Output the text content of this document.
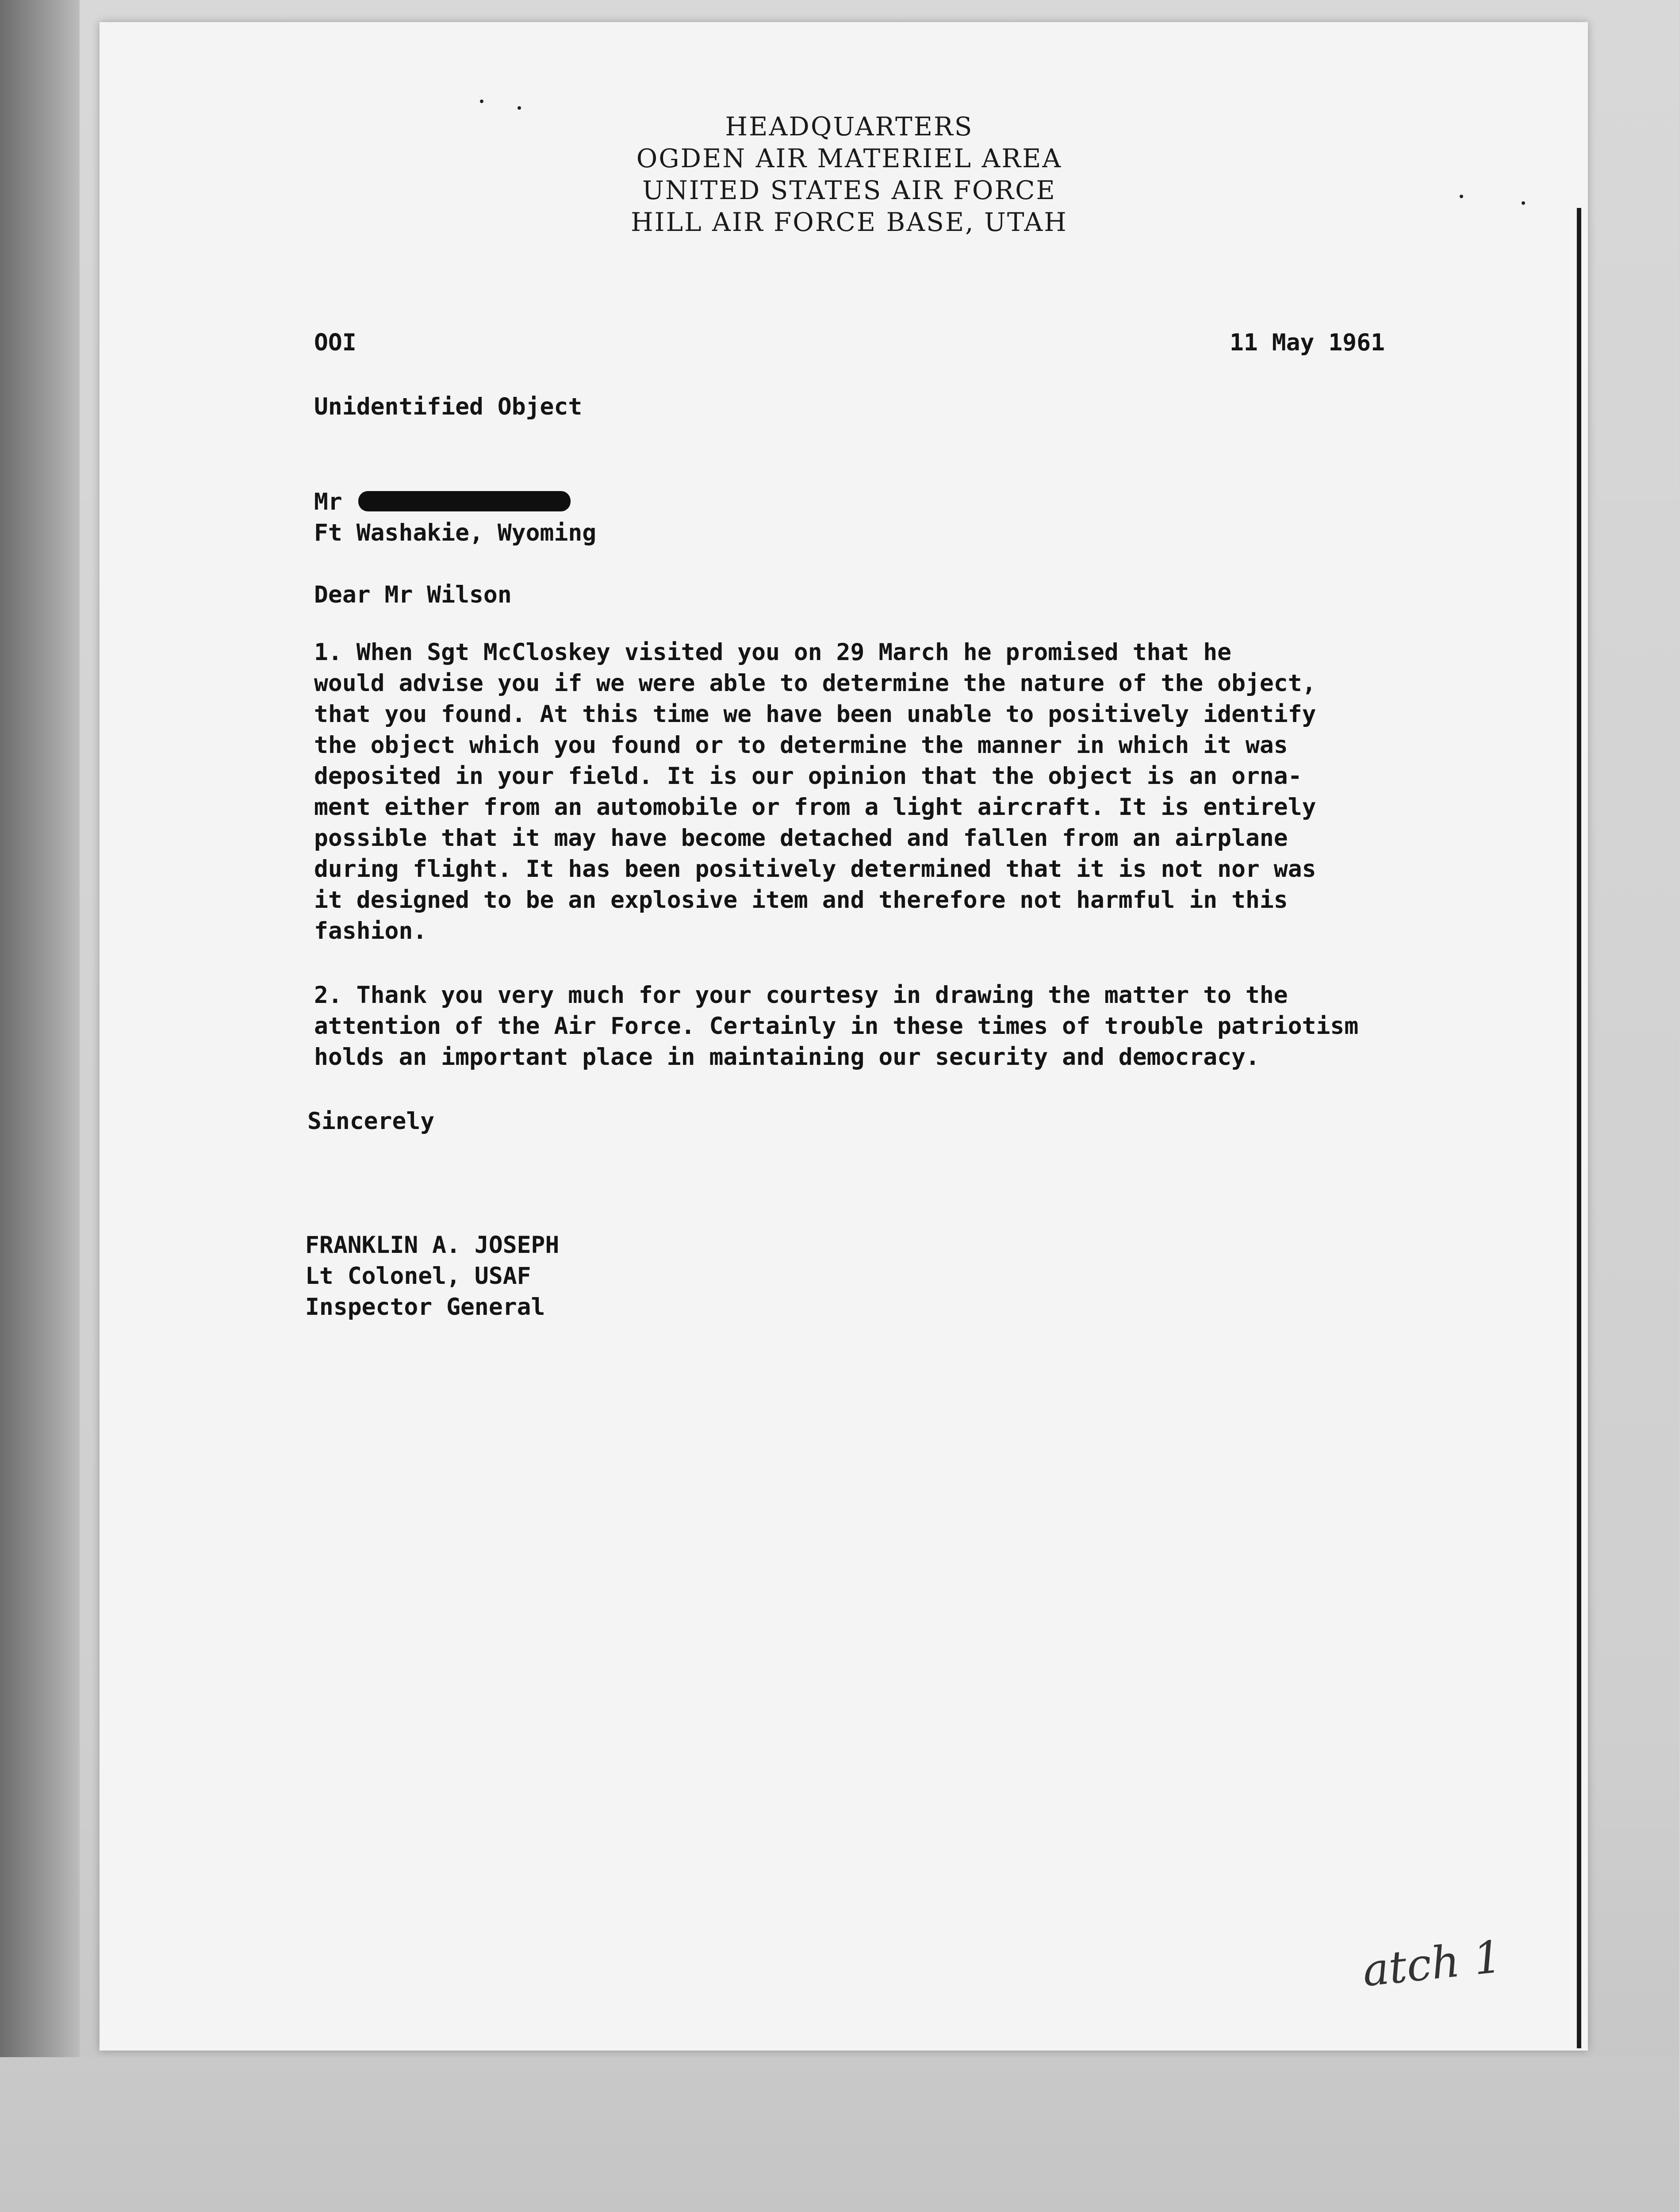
HEADQUARTERS
OGDEN AIR MATERIEL AREA
UNITED STATES AIR FORCE
HILL AIR FORCE BASE, UTAH
OOI	11 May 1961
Unidentified Object
Mr
Ft Washakie, Wyoming
Dear Mr Wilson
1. When Sgt McCloskey visited you on 29 March he promised that he
would advise you if we were able to determine the nature of the object,
that you found. At this time we have been unable to positively identify
the object which you found or to determine the manner in which it was
deposited in your field. It is our opinion that the object is an orna-
ment either from an automobile or from a light aircraft. It is entirely
possible that it may have become detached and fallen from an airplane
during flight. It has been positively determined that it is not nor was
it designed to be an explosive item and therefore not harmful in this
fashion.
2. Thank you very much for your courtesy in drawing the matter to the
attention of the Air Force. Certainly in these times of trouble patriotism
holds an important place in maintaining our security and democracy.
Sincerely
FRANKLIN A. JOSEPH
Lt Colonel, USAF
Inspector General
atch 1
